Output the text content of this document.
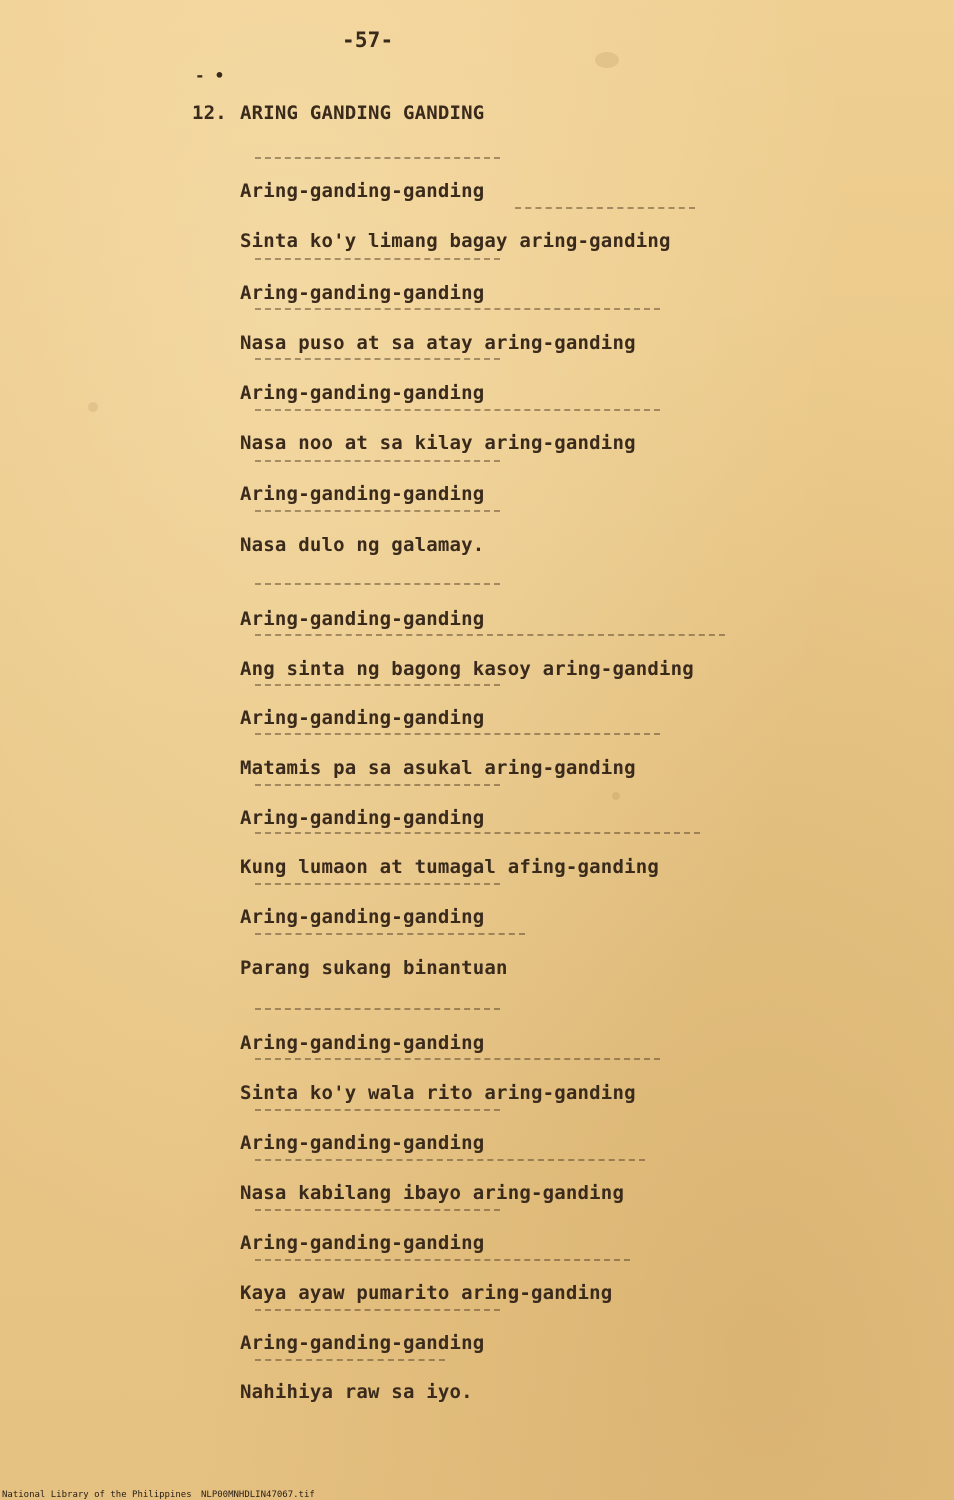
-57-
- •
12. ARING GANDING GANDING
Aring-ganding-ganding
Sinta ko'y limang bagay aring-ganding
Aring-ganding-ganding
Nasa puso at sa atay aring-ganding
Aring-ganding-ganding
Nasa noo at sa kilay aring-ganding
Aring-ganding-ganding
Nasa dulo ng galamay.
Aring-ganding-ganding
Ang sinta ng bagong kasoy aring-ganding
Aring-ganding-ganding
Matamis pa sa asukal aring-ganding
Aring-ganding-ganding
Kung lumaon at tumagal afing-ganding
Aring-ganding-ganding
Parang sukang binantuan
Aring-ganding-ganding
Sinta ko'y wala rito aring-ganding
Aring-ganding-ganding
Nasa kabilang ibayo aring-ganding
Aring-ganding-ganding
Kaya ayaw pumarito aring-ganding
Aring-ganding-ganding
Nahihiya raw sa iyo.
National Library of the Philippines NLP00MNHDLIN47067.tif
